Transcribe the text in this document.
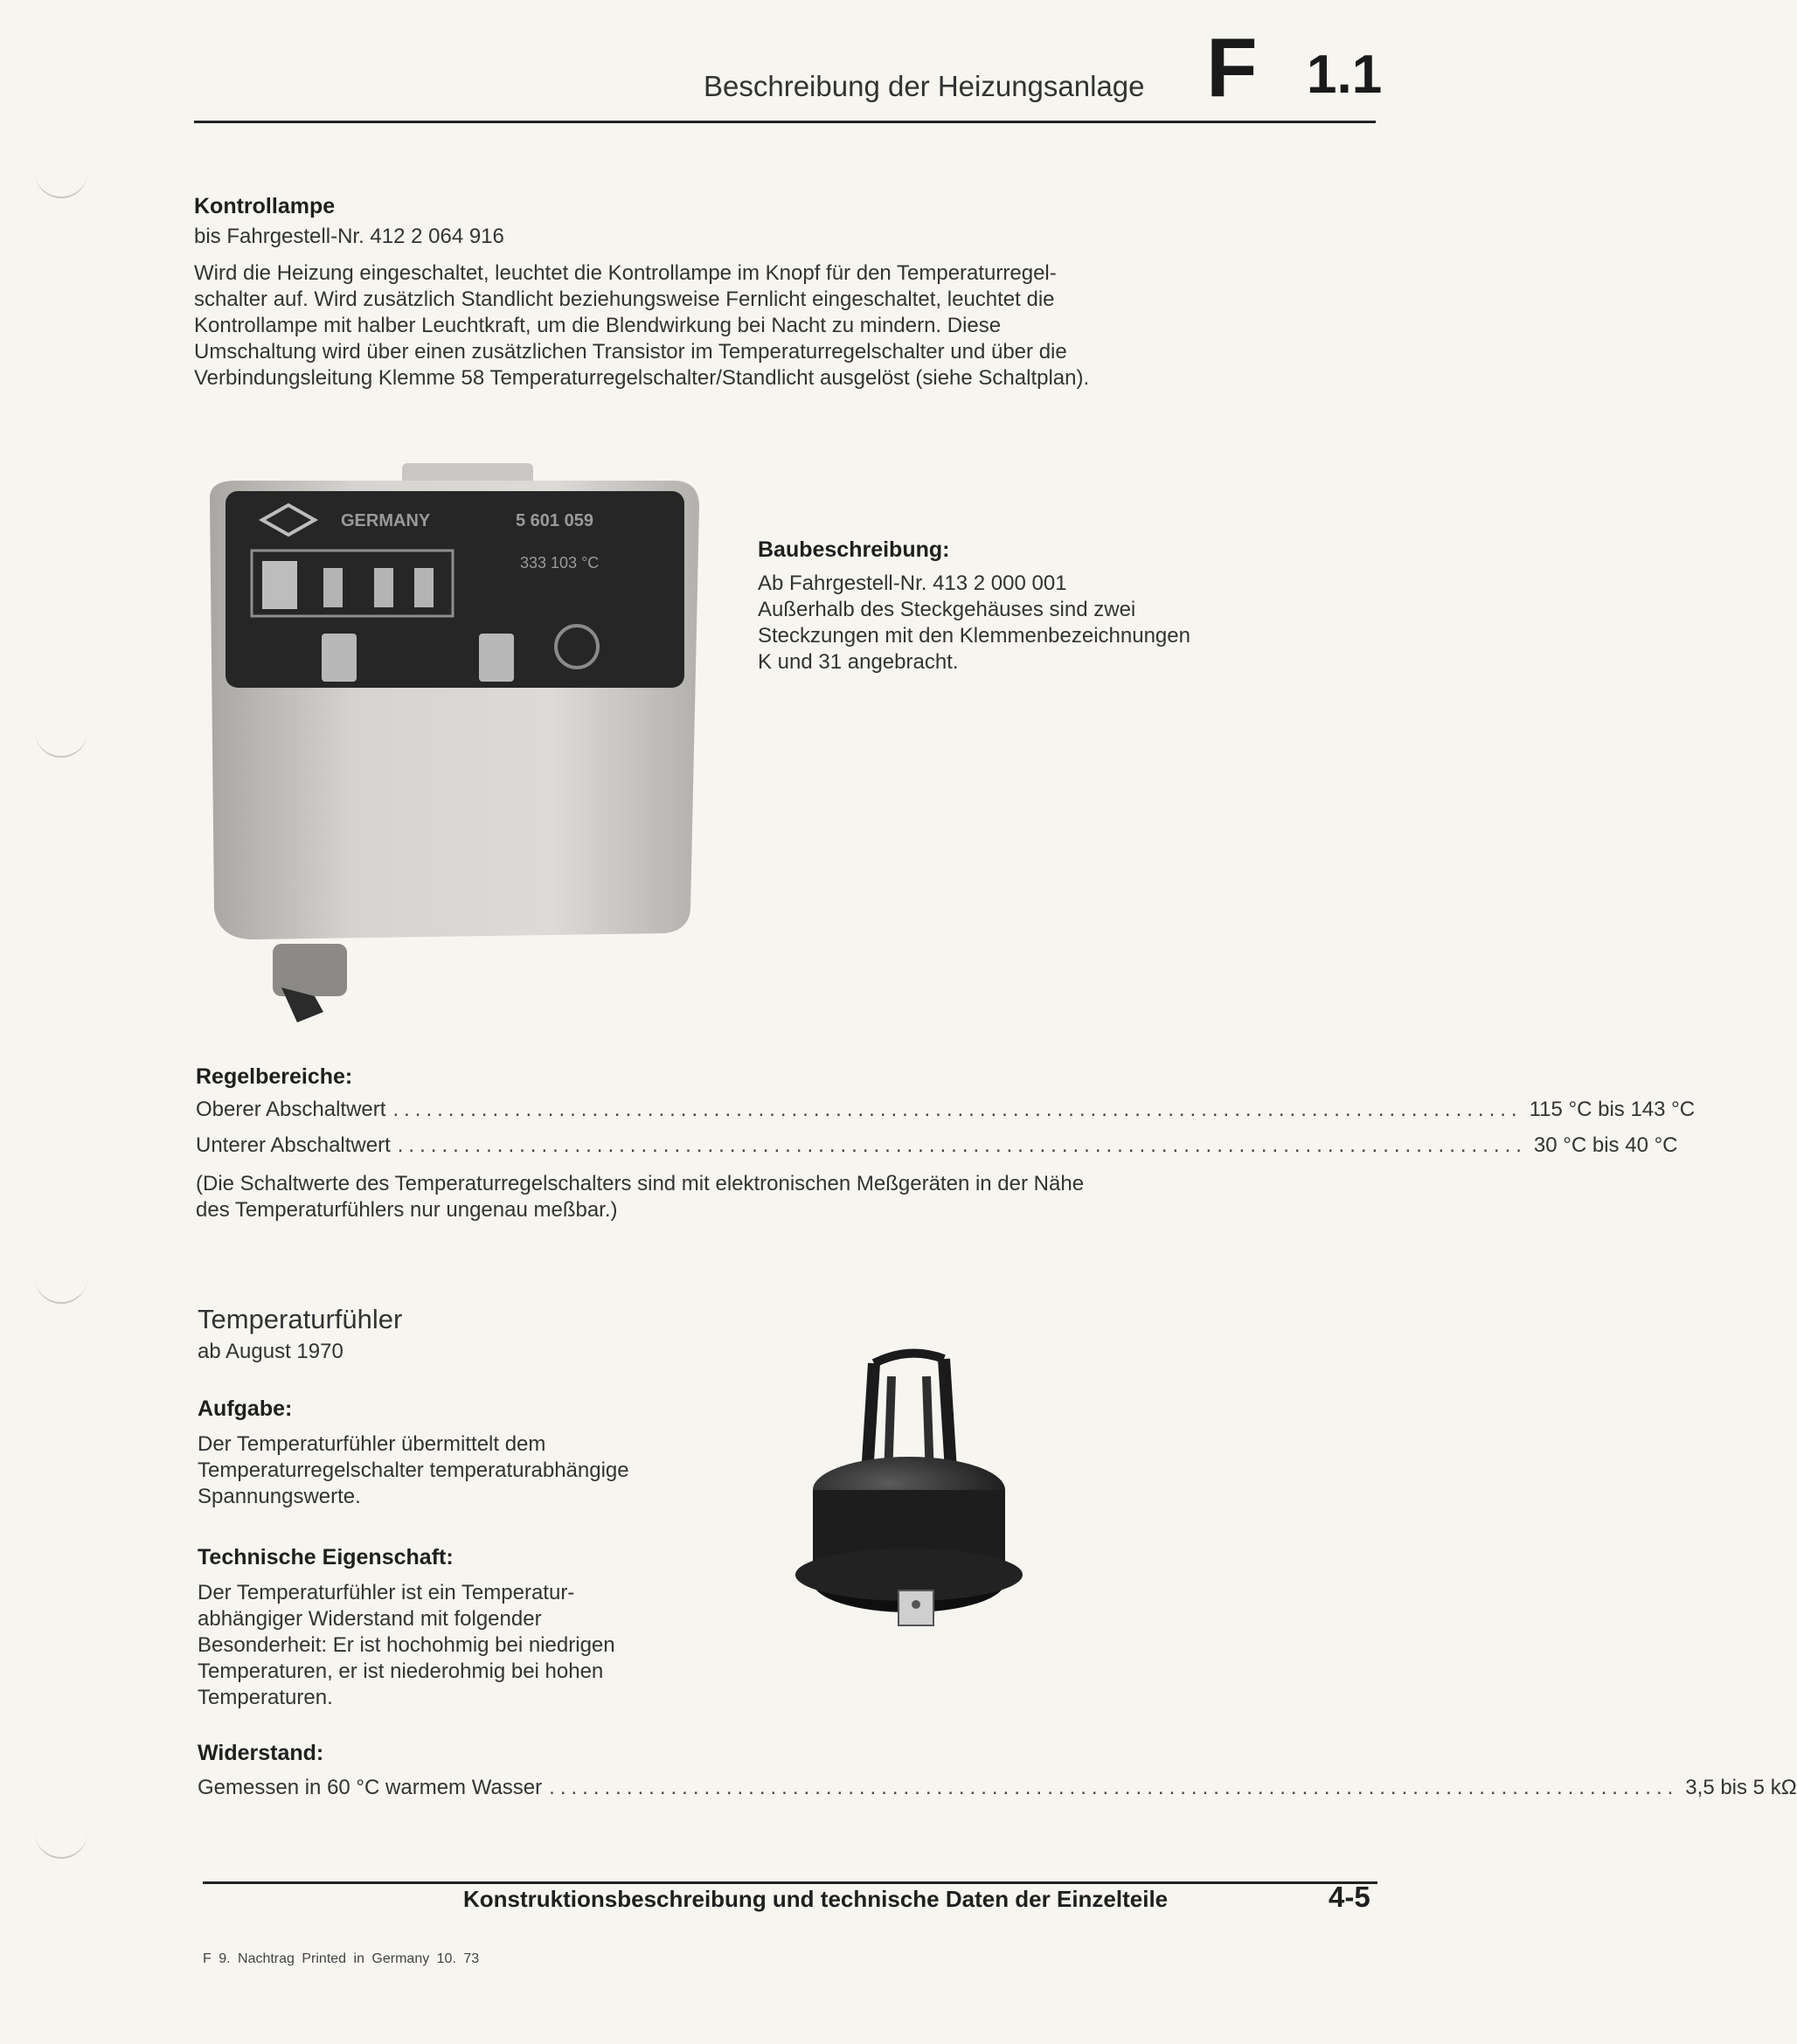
Beschreibung der Heizungsanlage F 1.1
Kontrollampe
bis Fahrgestell-Nr. 412 2 064 916
Wird die Heizung eingeschaltet, leuchtet die Kontrollampe im Knopf für den Temperaturregel-
schalter auf. Wird zusätzlich Standlicht beziehungsweise Fernlicht eingeschaltet, leuchtet die
Kontrollampe mit halber Leuchtkraft, um die Blendwirkung bei Nacht zu mindern. Diese
Umschaltung wird über einen zusätzlichen Transistor im Temperaturregelschalter und über die
Verbindungsleitung Klemme 58 Temperaturregelschalter/Standlicht ausgelöst (siehe Schaltplan).
GERMANY	5 601 059
333 103 °C
Baubeschreibung:
Ab Fahrgestell-Nr. 413 2 000 001
Außerhalb des Steckgehäuses sind zwei
Steckzungen mit den Klemmenbezeichnungen
K und 31 angebracht.
Regelbereiche:
Oberer Abschaltwert ...................................................................................................... 115 °C bis 143 °C
Unterer Abschaltwert ...................................................................................................... 30 °C bis 40 °C
(Die Schaltwerte des Temperaturregelschalters sind mit elektronischen Meßgeräten in der Nähe
des Temperaturfühlers nur ungenau meßbar.)
Temperaturfühler
ab August 1970
Aufgabe:
Der Temperaturfühler übermittelt dem
Temperaturregelschalter temperaturabhängige
Spannungswerte.
Technische Eigenschaft:
Der Temperaturfühler ist ein Temperatur-
abhängiger Widerstand mit folgender
Besonderheit: Er ist hochohmig bei niedrigen
Temperaturen, er ist niederohmig bei hohen
Temperaturen.
Widerstand:
Gemessen in 60 °C warmem Wasser ...................................................................................................... 3,5 bis 5 kΩ
Konstruktionsbeschreibung und technische Daten der Einzelteile	4-5
F 9. Nachtrag Printed in Germany 10. 73
